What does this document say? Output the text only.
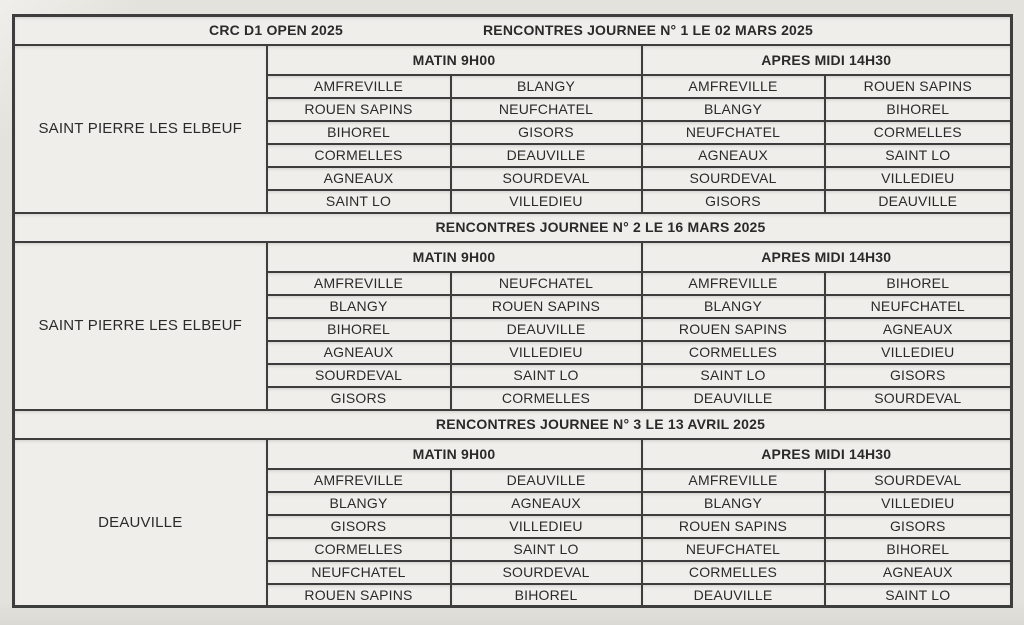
CRC D1 OPEN 2025 RENCONTRES JOURNEE N° 1 LE 02 MARS 2025				

SAINT PIERRE LES ELBEUF	MATIN 9H00		APRES MIDI 14H30	
	AMFREVILLE	BLANGY	AMFREVILLE	ROUEN SAPINS
	ROUEN SAPINS	NEUFCHATEL	BLANGY	BIHOREL
	BIHOREL	GISORS	NEUFCHATEL	CORMELLES
	CORMELLES	DEAUVILLE	AGNEAUX	SAINT LO
	AGNEAUX	SOURDEVAL	SOURDEVAL	VILLEDIEU
	SAINT LO	VILLEDIEU	GISORS	DEAUVILLE
RENCONTRES JOURNEE N° 2 LE 16 MARS 2025				
SAINT PIERRE LES ELBEUF	MATIN 9H00		APRES MIDI 14H30	
	AMFREVILLE	NEUFCHATEL	AMFREVILLE	BIHOREL
	BLANGY	ROUEN SAPINS	BLANGY	NEUFCHATEL
	BIHOREL	DEAUVILLE	ROUEN SAPINS	AGNEAUX
	AGNEAUX	VILLEDIEU	CORMELLES	VILLEDIEU
	SOURDEVAL	SAINT LO	SAINT LO	GISORS
	GISORS	CORMELLES	DEAUVILLE	SOURDEVAL
RENCONTRES JOURNEE N° 3 LE 13 AVRIL 2025				
DEAUVILLE	MATIN 9H00		APRES MIDI 14H30	
	AMFREVILLE	DEAUVILLE	AMFREVILLE	SOURDEVAL
	BLANGY	AGNEAUX	BLANGY	VILLEDIEU
	GISORS	VILLEDIEU	ROUEN SAPINS	GISORS
	CORMELLES	SAINT LO	NEUFCHATEL	BIHOREL
	NEUFCHATEL	SOURDEVAL	CORMELLES	AGNEAUX
	ROUEN SAPINS	BIHOREL	DEAUVILLE	SAINT LO
